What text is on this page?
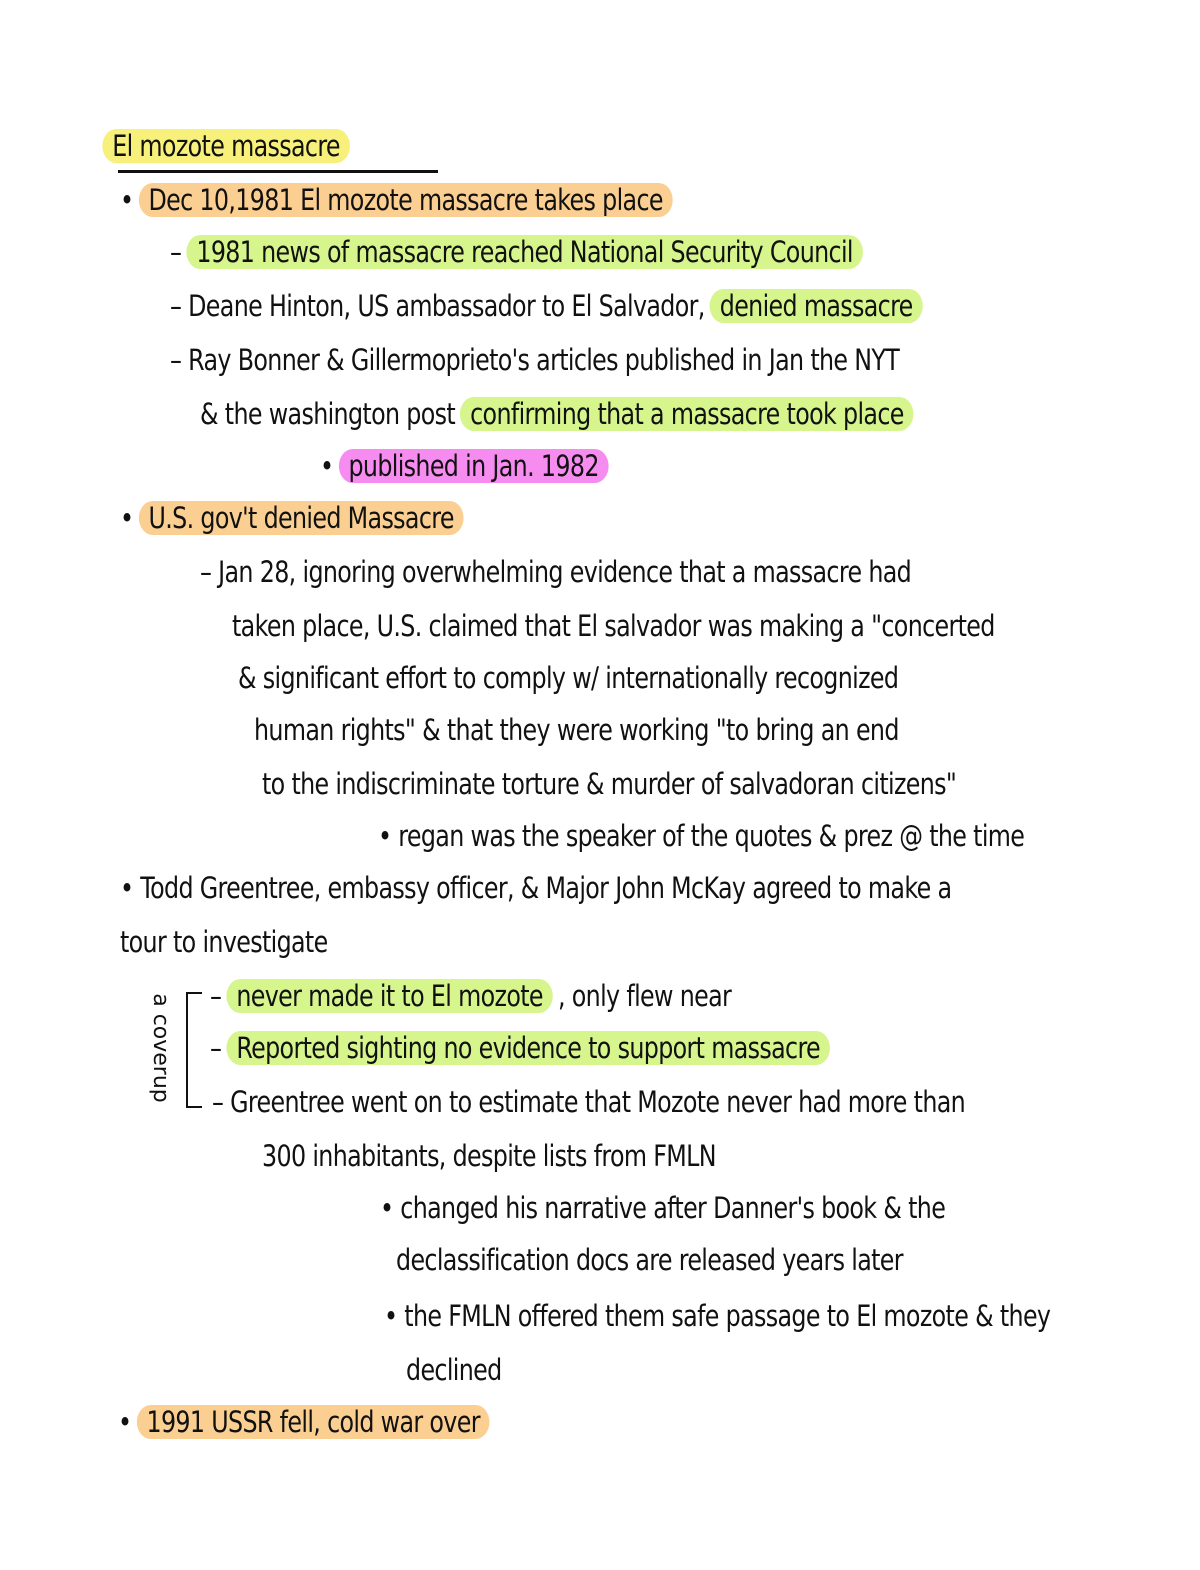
El mozote massacre
• Dec 10,1981 El mozote massacre takes place
– 1981 news of massacre reached National Security Council
– Deane Hinton, US ambassador to El Salvador, denied massacre
– Ray Bonner & Gillermoprieto's articles published in Jan the NYT
& the washington post confirming that a massacre took place
• published in Jan. 1982
• U.S. gov't denied Massacre
– Jan 28, ignoring overwhelming evidence that a massacre had
taken place, U.S. claimed that El salvador was making a "concerted
& significant effort to comply w/ internationally recognized
human rights" & that they were working "to bring an end
to the indiscriminate torture & murder of salvadoran citizens"
• regan was the speaker of the quotes & prez @ the time
• Todd Greentree, embassy officer, & Major John McKay agreed to make a
tour to investigate
a coverup – never made it to El mozote , only flew near
– Reported sighting no evidence to support massacre
– Greentree went on to estimate that Mozote never had more than
300 inhabitants, despite lists from FMLN
• changed his narrative after Danner's book & the
declassification docs are released years later
• the FMLN offered them safe passage to El mozote & they
declined
• 1991 USSR fell, cold war over
